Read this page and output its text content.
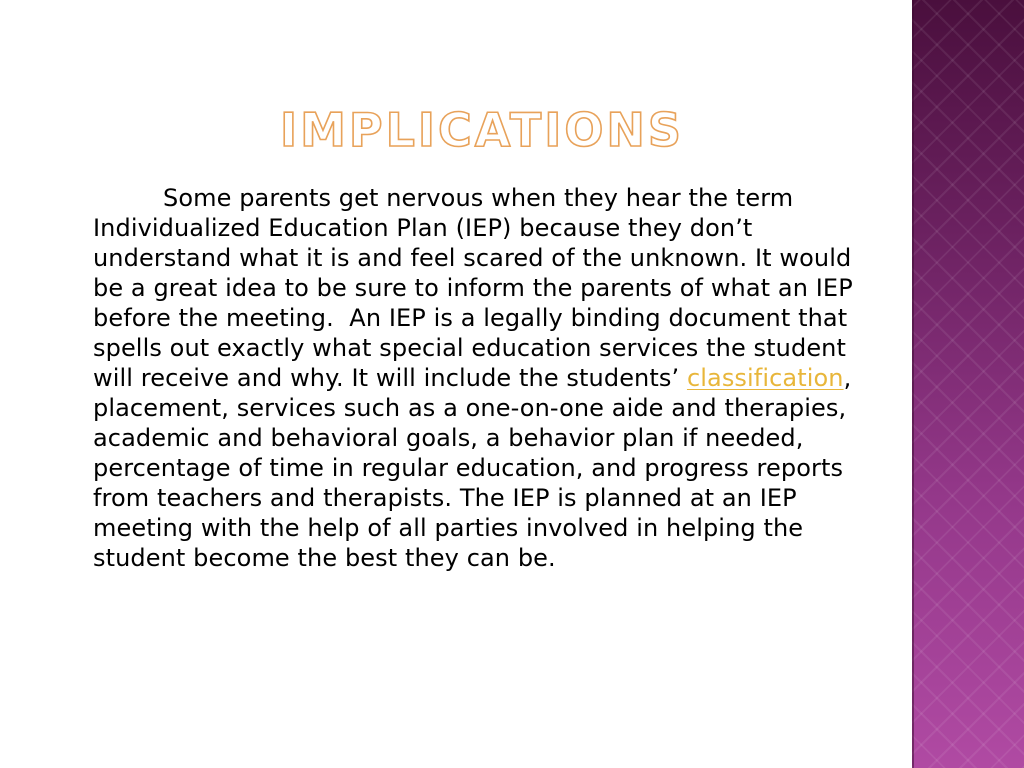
IMPLICATIONS

Some parents get nervous when they hear the term Individualized Education Plan (IEP) because they don’t understand what it is and feel scared of the unknown. It would be a great idea to be sure to inform the parents of what an IEP before the meeting.  An IEP is a legally binding document that spells out exactly what special education services the student will receive and why. It will include the students’ classification, placement, services such as a one-on-one aide and therapies, academic and behavioral goals, a behavior plan if needed, percentage of time in regular education, and progress reports from teachers and therapists. The IEP is planned at an IEP meeting with the help of all parties involved in helping the student become the best they can be.
